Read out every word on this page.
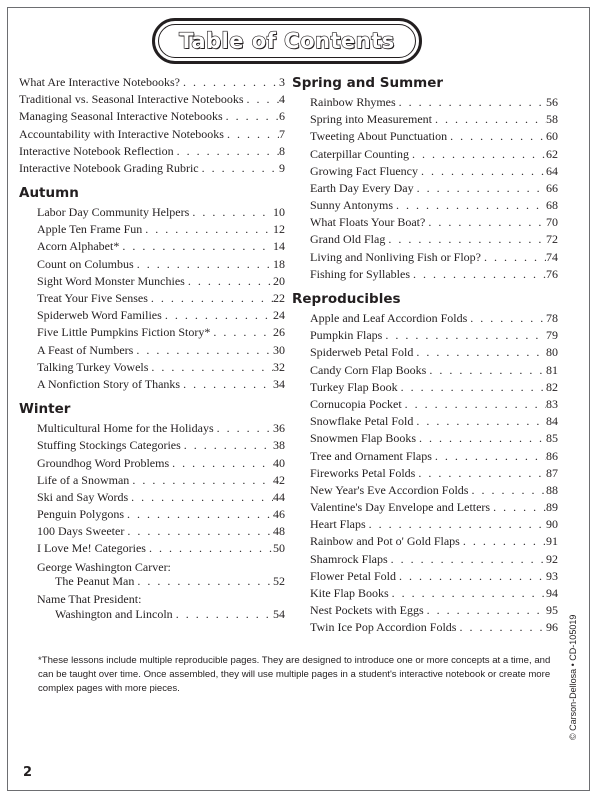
Table of Contents
What Are Interactive Notebooks? . . .	3
Traditional vs. Seasonal Interactive Notebooks . . .	4
Managing Seasonal Interactive Notebooks . . .	6
Accountability with Interactive Notebooks . . .	7
Interactive Notebook Reflection . . .	8
Interactive Notebook Grading Rubric . . .	9
Autumn
Labor Day Community Helpers . . .	10
Apple Ten Frame Fun . . .	12
Acorn Alphabet* . . .	14
Count on Columbus . . .	18
Sight Word Monster Munchies . . .	20
Treat Your Five Senses . . .	22
Spiderweb Word Families . . .	24
Five Little Pumpkins Fiction Story* . . .	26
A Feast of Numbers . . .	30
Talking Turkey Vowels . . .	32
A Nonfiction Story of Thanks . . .	34
Winter
Multicultural Home for the Holidays . . .	36
Stuffing Stockings Categories . . .	38
Groundhog Word Problems . . .	40
Life of a Snowman . . .	42
Ski and Say Words . . .	44
Penguin Polygons . . .	46
100 Days Sweeter . . .	48
I Love Me! Categories . . .	50
George Washington Carver:
The Peanut Man . . .	52
Name That President:
Washington and Lincoln . . .	54
Spring and Summer
Rainbow Rhymes . . .	56
Spring into Measurement . . .	58
Tweeting About Punctuation . . .	60
Caterpillar Counting . . .	62
Growing Fact Fluency . . .	64
Earth Day Every Day . . .	66
Sunny Antonyms . . .	68
What Floats Your Boat? . . .	70
Grand Old Flag . . .	72
Living and Nonliving Fish or Flop? . . .	74
Fishing for Syllables . . .	76
Reproducibles
Apple and Leaf Accordion Folds . . .	78
Pumpkin Flaps . . .	79
Spiderweb Petal Fold . . .	80
Candy Corn Flap Books . . .	81
Turkey Flap Book . . .	82
Cornucopia Pocket . . .	83
Snowflake Petal Fold . . .	84
Snowmen Flap Books . . .	85
Tree and Ornament Flaps . . .	86
Fireworks Petal Folds . . .	87
New Year's Eve Accordion Folds . . .	88
Valentine's Day Envelope and Letters . . .	89
Heart Flaps . . .	90
Rainbow and Pot o' Gold Flaps . . .	91
Shamrock Flaps . . .	92
Flower Petal Fold . . .	93
Kite Flap Books . . .	94
Nest Pockets with Eggs . . .	95
Twin Ice Pop Accordion Folds . . .	96
*These lessons include multiple reproducible pages. They are designed to introduce one or more concepts at a time, and can be taught over time. Once assembled, they will use multiple pages in a student's interactive notebook or create more complex pages with more pieces.
2
© Carson-Dellosa • CD-105019
